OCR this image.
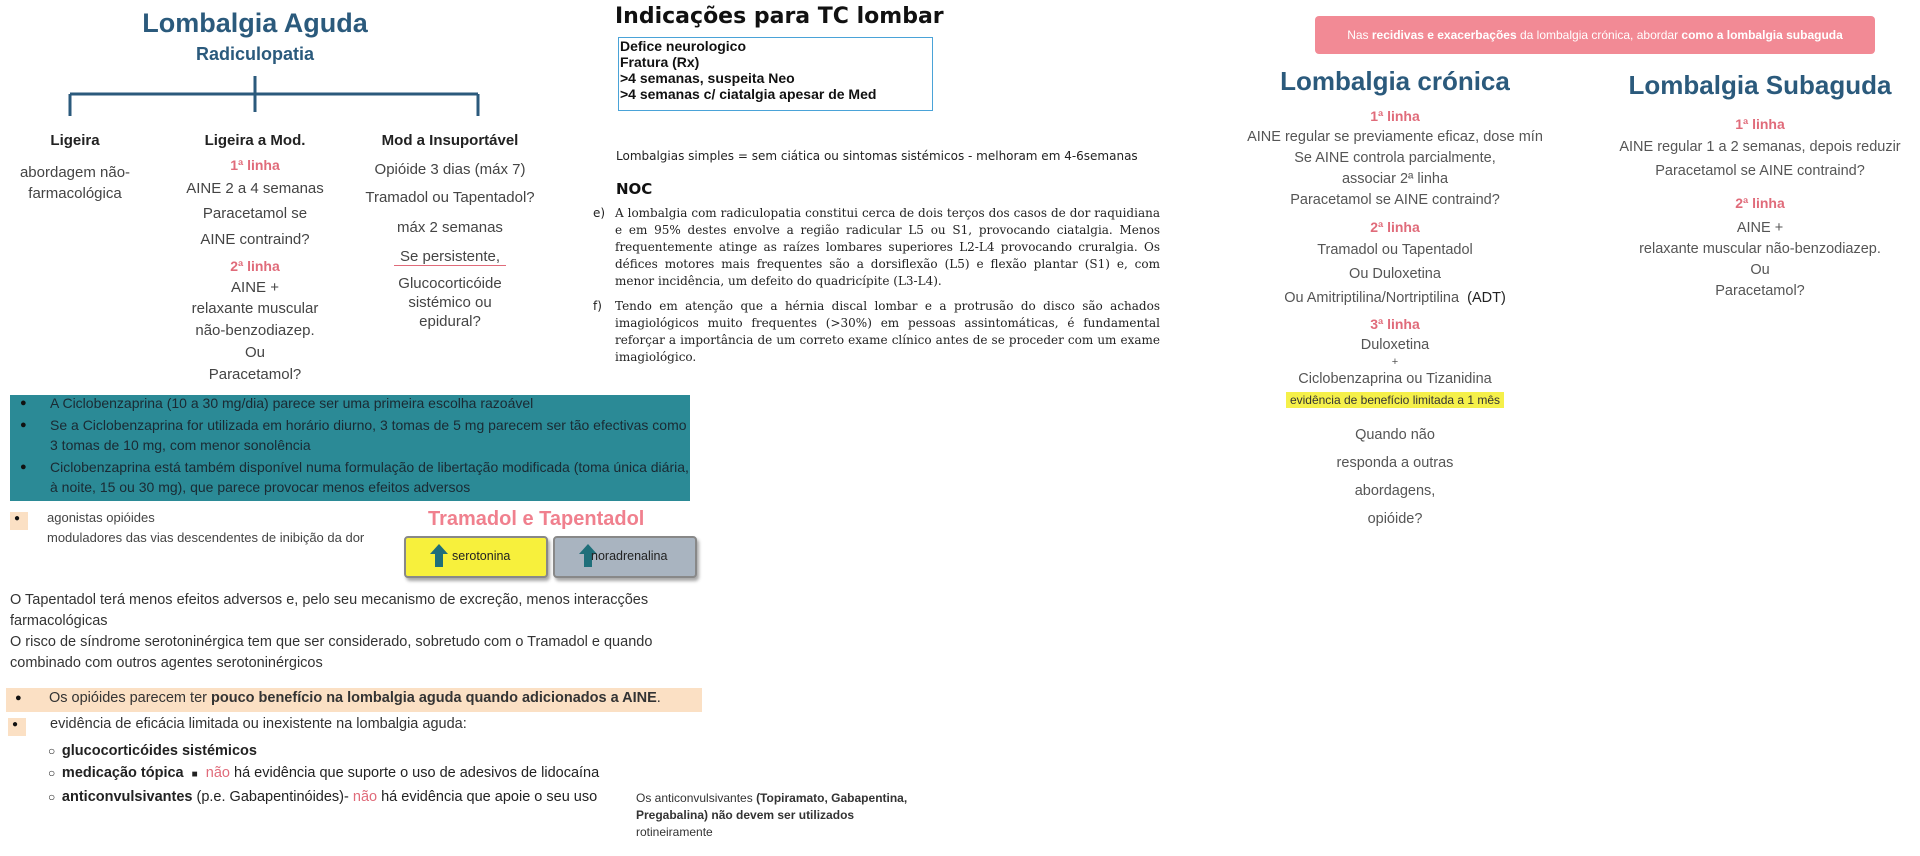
Lombalgia Aguda
Radiculopatia
Ligeira
abordagem não-
farmacológica
Ligeira a Mod.
1ª linha
AINE 2 a 4 semanas
Paracetamol se
AINE contraind?
2ª linha
AINE +
relaxante muscular
não-benzodiazep.
Ou
Paracetamol?
Mod a Insuportável
Opióide 3 dias (máx 7)
Tramadol ou Tapentadol?
máx 2 semanas
Se persistente,
Glucocorticóide
sistémico ou
epidural?
● A Ciclobenzaprina (10 a 30 mg/dia) parece ser uma primeira escolha razoável
● Se a Ciclobenzaprina for utilizada em horário diurno, 3 tomas de 5 mg parecem ser tão efectivas como 3 tomas de 10 mg, com menor sonolência
● Ciclobenzaprina está também disponível numa formulação de libertação modificada (toma única diária, à noite, 15 ou 30 mg), que parece provocar menos efeitos adversos
●
agonistas opióides
moduladores das vias descendentes de inibição da dor
Tramadol e Tapentadol
serotonina	noradrenalina
O Tapentadol terá menos efeitos adversos e, pelo seu mecanismo de excreção, menos interacções farmacológicas
O risco de síndrome serotoninérgica tem que ser considerado, sobretudo com o Tramadol e quando combinado com outros agentes serotoninérgicos
● Os opióides parecem ter pouco benefício na lombalgia aguda quando adicionados a AINE.
●
evidência de eficácia limitada ou inexistente na lombalgia aguda:
○  glucocorticóides sistémicos
○  medicação tópica ■ não há evidência que suporte o uso de adesivos de lidocaína
○  anticonvulsivantes (p.e. Gabapentinóides)- não há evidência que apoie o seu uso	Os anticonvulsivantes (Topiramato, Gabapentina, Pregabalina) não devem ser utilizados
rotineiramente
Indicações para TC lombar
Defice neurologico
Fratura (Rx)
>4 semanas, suspeita Neo
>4 semanas c/ ciatalgia apesar de Med
Lombalgias simples = sem ciática ou sintomas sistémicos - melhoram em 4-6semanas
NOC
e) A lombalgia com radiculopatia constitui cerca de dois terços dos casos de dor raquidiana e em 95% destes envolve a região radicular L5 ou S1, provocando ciatalgia. Menos frequentemente atinge as raízes lombares superiores L2-L4 provocando cruralgia. Os défices motores mais frequentes são a dorsiflexão (L5) e flexão plantar (S1) e, com menor incidência, um defeito do quadricípite (L3-L4).
f)	Tendo em atenção que a hérnia discal lombar e a protrusão do disco são achados imagiológicos muito frequentes (>30%) em pessoas assintomáticas, é fundamental reforçar a importância de um correto exame clínico antes de se proceder com um exame imagiológico.
Nas recidivas e exacerbações da lombalgia crónica, abordar como a lombalgia subaguda
Lombalgia crónica
1ª linha
AINE regular se previamente eficaz, dose mín
Se AINE controla parcialmente,
associar 2ª linha
Paracetamol se AINE contraind?
2ª linha
Tramadol ou Tapentadol
Ou Duloxetina
Ou Amitriptilina/Nortriptilina (ADT)
3ª linha
Duloxetina
+
Ciclobenzaprina ou Tizanidina
evidência de benefício limitada a 1 mês
Quando não
responda a outras
abordagens,
opióide?
Lombalgia Subaguda
1ª linha
AINE regular 1 a 2 semanas, depois reduzir
Paracetamol se AINE contraind?
2ª linha
AINE +
relaxante muscular não-benzodiazep.
Ou
Paracetamol?
